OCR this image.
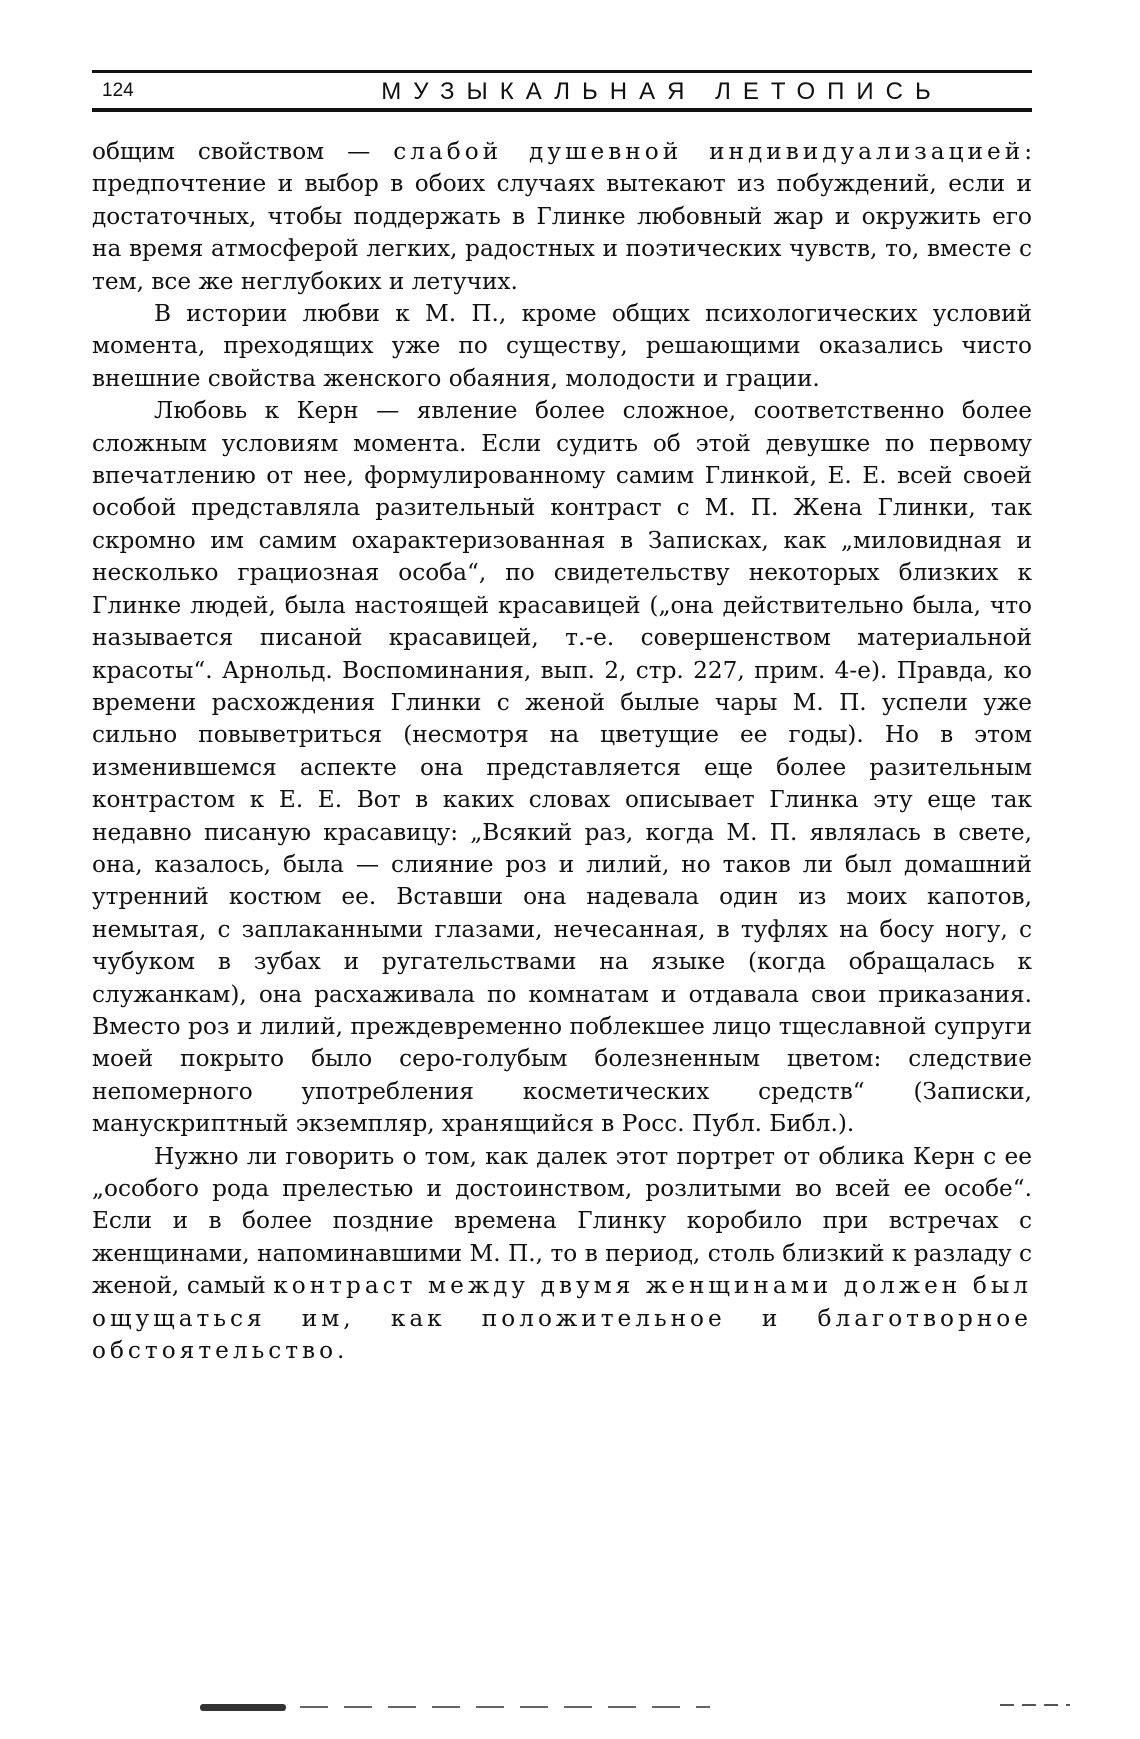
124	МУЗЫКАЛЬНАЯ ЛЕТОПИСЬ

общим свойством — слабой душевной индивидуализацией: предпочтение и выбор в обоих случаях вытекают из побуждений, если и достаточных, чтобы поддержать в Глинке любовный жар и окружить его на время атмосферой легких, радостных и поэтических чувств, то, вместе с тем, все же неглубоких и летучих.

В истории любви к М. П., кроме общих психологических условий момента, преходящих уже по существу, решающими оказались чисто внешние свойства женского обаяния, молодости и грации.

Любовь к Керн — явление более сложное, соответственно более сложным условиям момента. Если судить об этой девушке по первому впечатлению от нее, формулированному самим Глинкой, Е. Е. всей своей особой представляла разительный контраст с М. П. Жена Глинки, так скромно им самим охарактеризованная в Записках, как „миловидная и несколько грациозная особа“, по свидетельству некоторых близких к Глинке людей, была настоящей красавицей („она действительно была, что называется писаной красавицей, т.-е. совершенством материальной красоты“. Арнольд. Воспоминания, вып. 2, стр. 227, прим. 4-е). Правда, ко времени расхождения Глинки с женой былые чары М. П. успели уже сильно повыветриться (несмотря на цветущие ее годы). Но в этом изменившемся аспекте она представляется еще более разительным контрастом к Е. Е. Вот в каких словах описывает Глинка эту еще так недавно писаную красавицу: „Всякий раз, когда М. П. являлась в свете, она, казалось, была — слияние роз и лилий, но таков ли был домашний утренний костюм ее. Вставши она надевала один из моих капотов, немытая, с заплаканными глазами, нечесанная, в туфлях на босу ногу, с чубуком в зубах и ругательствами на языке (когда обращалась к служанкам), она расхаживала по комнатам и отдавала свои приказания. Вместо роз и лилий, преждевременно поблекшее лицо тщеславной супруги моей покрыто было серо-голубым болезненным цветом: следствие непомерного употребления косметических средств“ (Записки, манускриптный экземпляр, хранящийся в Росс. Публ. Библ.).

Нужно ли говорить о том, как далек этот портрет от облика Керн с ее „особого рода прелестью и достоинством, розлитыми во всей ее особе“. Если и в более поздние времена Глинку коробило при встречах с женщинами, напоминавшими М. П., то в период, столь близкий к разладу с женой, самый контраст между двумя женщинами должен был ощущаться им, как положительное и благотворное обстоятельство.
